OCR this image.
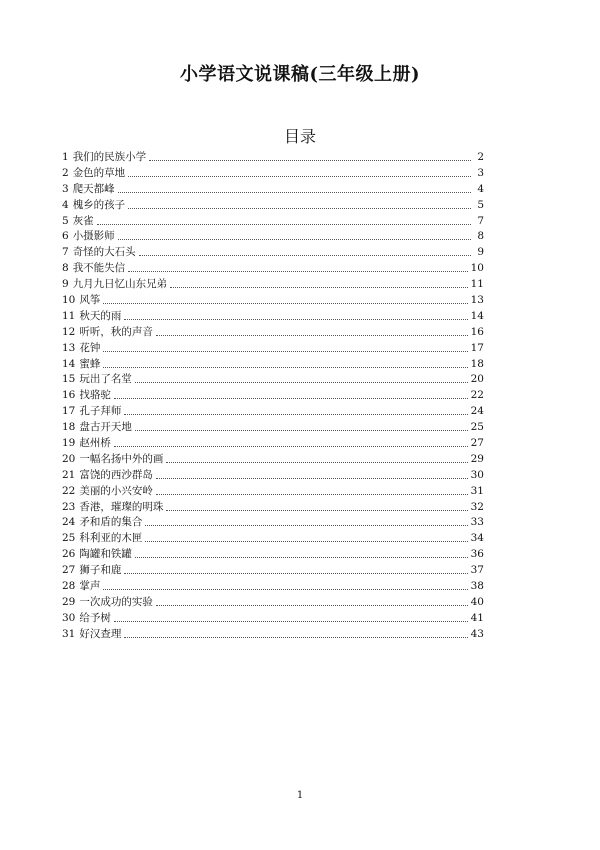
小学语文说课稿(三年级上册)
目录
1 我们的民族小学	2
2 金色的草地	3
3 爬天都峰	4
4 槐乡的孩子	5
5 灰雀	7
6 小摄影师	8
7 奇怪的大石头	9
8 我不能失信	10
9 九月九日忆山东兄弟	11
10 风筝	13
11 秋天的雨	14
12 听听，秋的声音	16
13 花钟	17
14 蜜蜂	18
15 玩出了名堂	20
16 找骆驼	22
17 孔子拜师	24
18 盘古开天地	25
19 赵州桥	27
20 一幅名扬中外的画	29
21 富饶的西沙群岛	30
22 美丽的小兴安岭	31
23 香港，璀璨的明珠	32
24 矛和盾的集合	33
25 科利亚的木匣	34
26 陶罐和铁罐	36
27 狮子和鹿	37
28 掌声	38
29 一次成功的实验	40
30 给予树	41
31 好汉查理	43
1
